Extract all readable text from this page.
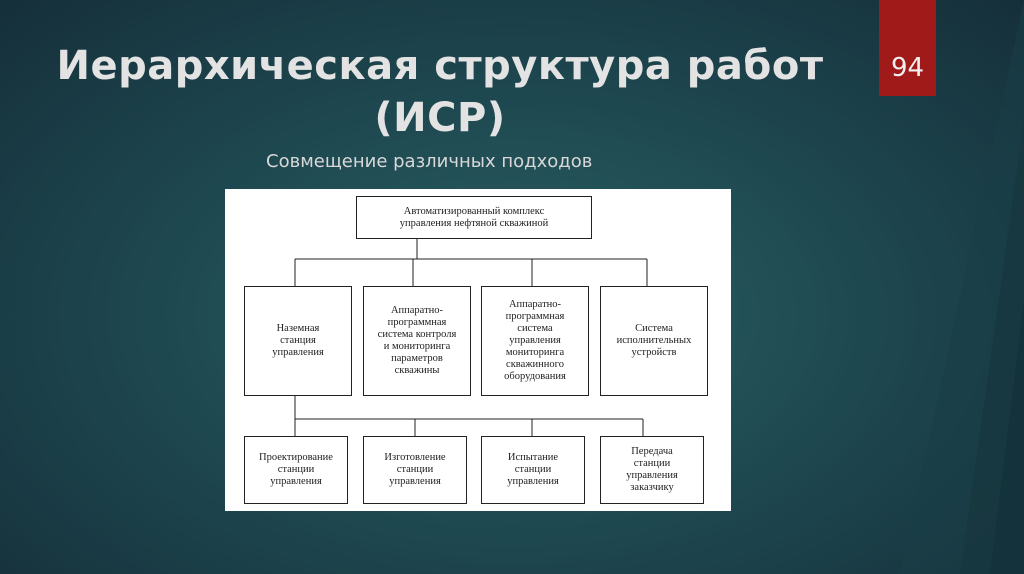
Иерархическая структура работ (ИСР)
Совмещение различных подходов
94
Автоматизированный комплекс
управления нефтяной скважиной
Наземная
станция
управления
Аппаратно-
программная
система контроля
и мониторинга
параметров
скважины
Аппаратно-
программная
система
управления
мониторинга
скважинного
оборудования
Система
исполнительных
устройств
Проектирование
станции
управления
Изготовление
станции
управления
Испытание
станции
управления
Передача
станции
управления
заказчику
